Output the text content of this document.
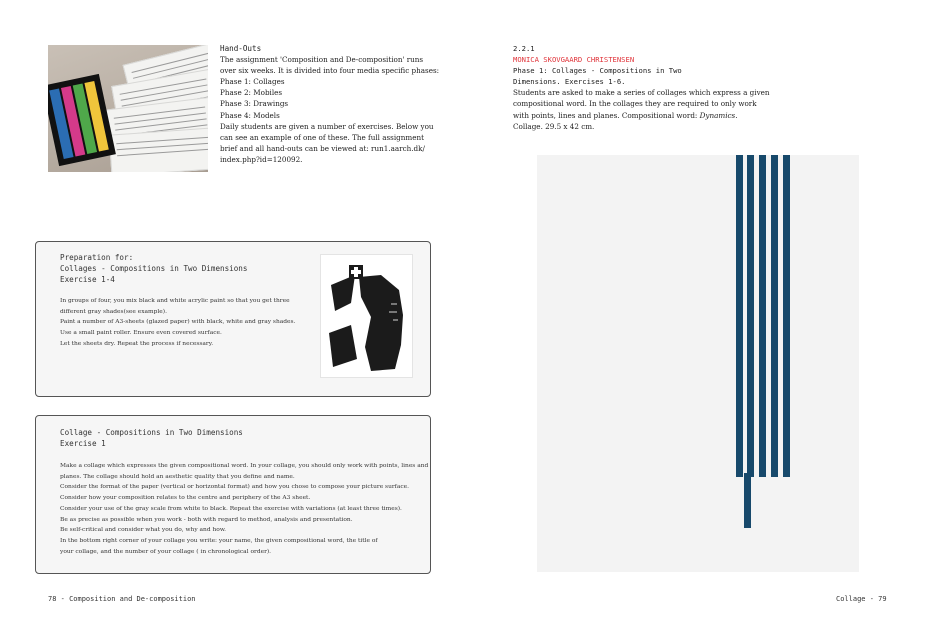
Hand-Outs
The assignment 'Composition and De-composition' runs
over six weeks. It is divided into four media specific phases:
Phase 1: Collages
Phase 2: Mobiles
Phase 3: Drawings
Phase 4: Models
Daily students are given a number of exercises. Below you
can see an example of one of these. The full assignment
brief and all hand-outs can be viewed at: run1.aarch.dk/
index.php?id=120092.
Preparation for:
Collages - Compositions in Two Dimensions
Exercise 1-4
In groups of four, you mix black and white acrylic paint so that you get three
different gray shades(see example).
Paint a number of A3-sheets (glazed paper) with black, white and gray shades.
Use a small paint roller. Ensure even covered surface.
Let the sheets dry. Repeat the process if necessary.
Collage - Compositions in Two Dimensions
Exercise 1
Make a collage which expresses the given compositional word. In your collage, you should only work with points, lines and
planes. The collage should hold an aesthetic quality that you define and name.
Consider the format of the paper (vertical or horizontal format) and how you chose to compose your picture surface.
Consider how your composition relates to the centre and periphery of the A3 sheet.
Consider your use of the gray scale from white to black. Repeat the exercise with variations (at least three times).
Be as precise as possible when you work - both with regard to method, analysis and presentation.
Be self-critical and consider what you do, why and how.
In the bottom right corner of your collage you write: your name, the given compositional word, the title of
your collage, and the number of your collage ( in chronological order).
78 - Composition and De-composition
2.2.1
MONICA SKOVGAARD CHRISTENSEN
Phase 1: Collages - Compositions in Two
Dimensions. Exercises 1-6.
Students are asked to make a series of collages which express a given
compositional word. In the collages they are required to only work
with points, lines and planes. Compositional word: Dynamics.
Collage. 29.5 x 42 cm.
Collage - 79
